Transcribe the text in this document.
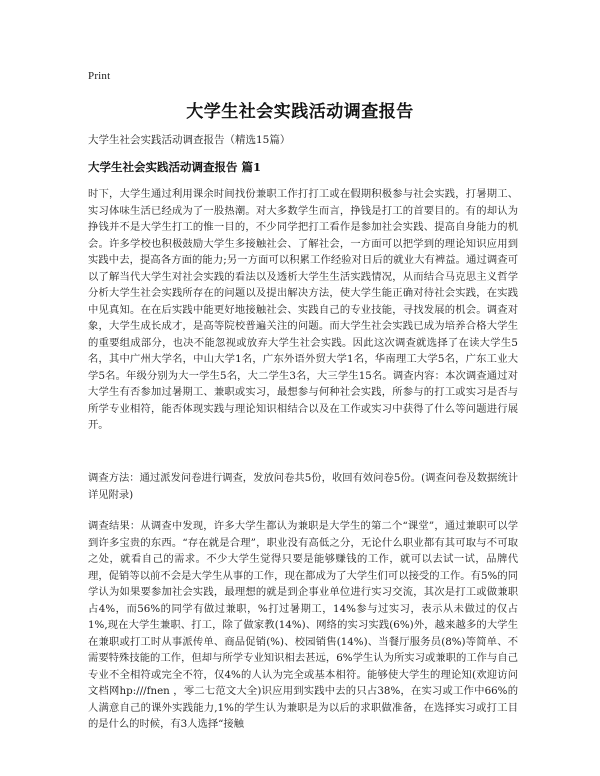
Print
大学生社会实践活动调查报告
大学生社会实践活动调查报告（精选15篇）
大学生社会实践活动调查报告 篇1

时下，大学生通过利用课余时间找份兼职工作打打工或在假期积极参与社会实践，打暑期工、实习体味生活已经成为了一股热潮。对大多数学生而言，挣钱是打工的首要目的。有的却认为挣钱并不是大学生打工的惟一目的，不少同学把打工看作是参加社会实践、提高自身能力的机会。许多学校也积极鼓励大学生多接触社会、了解社会，一方面可以把学到的理论知识应用到实践中去，提高各方面的能力;另一方面可以积累工作经验对日后的就业大有裨益。通过调查可以了解当代大学生对社会实践的看法以及透析大学生生活实践情况，从而结合马克思主义哲学分析大学生社会实践所存在的问题以及提出解决方法，使大学生能正确对待社会实践，在实践中见真知。在在后实践中能更好地接触社会、实践自己的专业技能，寻找发展的机会。调查对象，大学生成长成才，是高等院校普遍关注的问题。而大学生社会实践已成为培养合格大学生的重要组成部分，也决不能忽视或放弃大学生社会实践。因此这次调查就选择了在读大学生5名，其中广州大学名，中山大学1名，广东外语外贸大学1名，华南理工大学5名，广东工业大学5名。年级分别为大一学生5名，大二学生3名，大三学生15名。调查内容：本次调查通过对大学生有否参加过暑期工、兼职或实习，最想参与何种社会实践，所参与的打工或实习是否与所学专业相符，能否体现实践与理论知识相结合以及在工作或实习中获得了什么等问题进行展开。

调查方法：通过派发问卷进行调查，发放问卷共5份，收回有效问卷5份。(调查问卷及数据统计详见附录)

调查结果：从调查中发现，许多大学生都认为兼职是大学生的第二个“课堂”，通过兼职可以学到许多宝贵的东西。“存在就是合理”，职业没有高低之分，无论什么职业都有其可取与不可取之处，就看自己的需求。不少大学生觉得只要是能够赚钱的工作，就可以去试一试，品牌代理，促销等以前不会是大学生从事的工作，现在都成为了大学生们可以接受的工作。有5%的同学认为如果要参加社会实践，最理想的就是到企事业单位进行实习交流，其次是打工或做兼职占4%，而56%的同学有做过兼职，%打过暑期工，14%参与过实习，表示从未做过的仅占1%,现在大学生兼职、打工，除了做家教(14%)、网络的实习实践(6%)外，越来越多的大学生在兼职或打工时从事派传单、商品促销(%)、校园销售(14%)、当餐厅服务员(8%)等简单、不需要特殊技能的工作，但却与所学专业知识相去甚远，6%学生认为所实习或兼职的工作与自己专业不全相符或完全不符，仅4%的人认为完全或基本相符。能够使大学生的理论知(欢迎访问文档网hp:///fnen ，零二七范文大全)识应用到实践中去的只占38%，在实习或工作中66%的人满意自己的课外实践能力,1%的学生认为兼职是为以后的求职做准备，在选择实习或打工目的是什么的时候，有3人选择“接触
